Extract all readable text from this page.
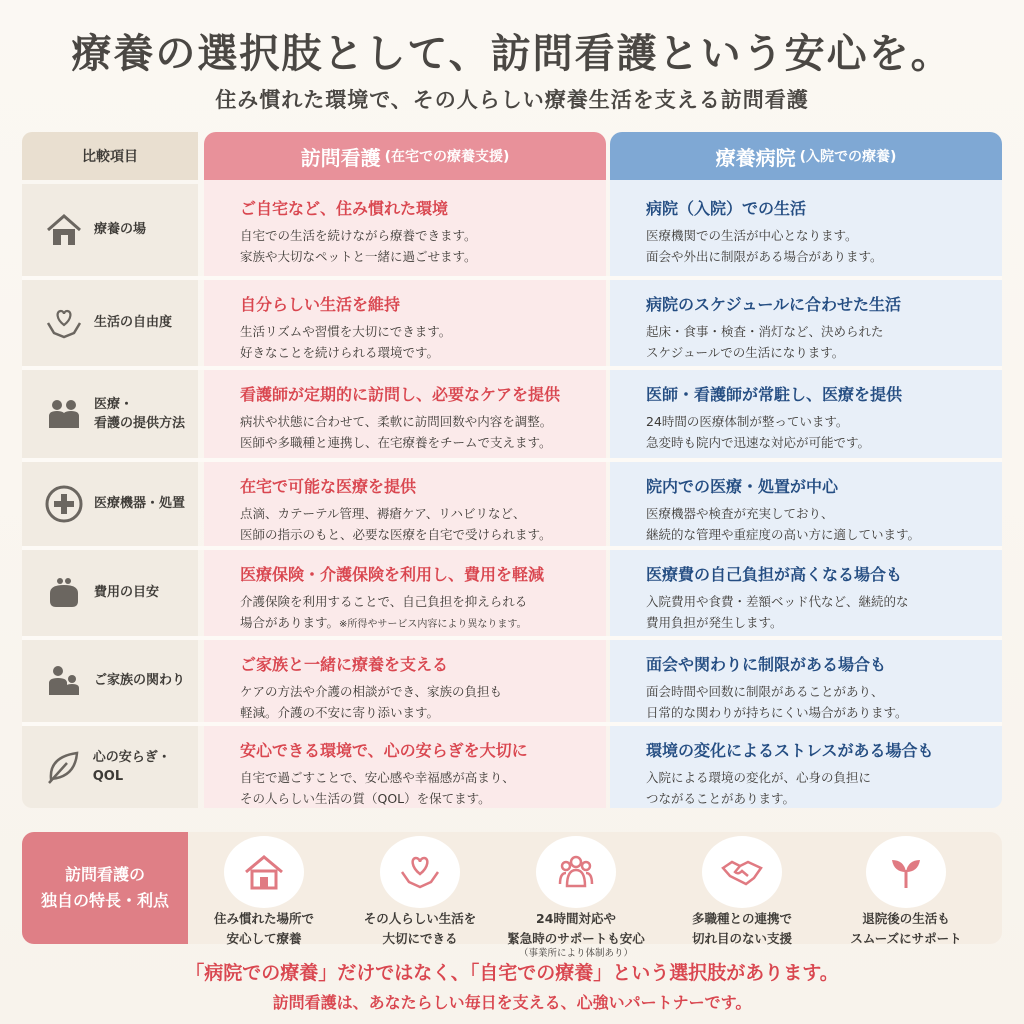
療養の選択肢として、訪問看護という安心を。
住み慣れた環境で、その人らしい療養生活を支える訪問看護
比較項目	訪問看護 (在宅での療養支援)	療養病院 (入院での療養)
療養の場
ご自宅など、住み慣れた環境
自宅での生活を続けながら療養できます。
家族や大切なペットと一緒に過ごせます。
病院（入院）での生活
医療機関での生活が中心となります。
面会や外出に制限がある場合があります。
生活の自由度
自分らしい生活を維持
生活リズムや習慣を大切にできます。
好きなことを続けられる環境です。
病院のスケジュールに合わせた生活
起床・食事・検査・消灯など、決められた
スケジュールでの生活になります。
医療・
看護の提供方法
看護師が定期的に訪問し、必要なケアを提供
病状や状態に合わせて、柔軟に訪問回数や内容を調整。
医師や多職種と連携し、在宅療養をチームで支えます。
医師・看護師が常駐し、医療を提供
24時間の医療体制が整っています。
急変時も院内で迅速な対応が可能です。
医療機器・処置
在宅で可能な医療を提供
点滴、カテーテル管理、褥瘡ケア、リハビリなど、
医師の指示のもと、必要な医療を自宅で受けられます。
院内での医療・処置が中心
医療機器や検査が充実しており、
継続的な管理や重症度の高い方に適しています。
費用の目安
医療保険・介護保険を利用し、費用を軽減
介護保険を利用することで、自己負担を抑えられる
場合があります。※所得やサービス内容により異なります。
医療費の自己負担が高くなる場合も
入院費用や食費・差額ベッド代など、継続的な
費用負担が発生します。
ご家族の関わり
ご家族と一緒に療養を支える
ケアの方法や介護の相談ができ、家族の負担も
軽減。介護の不安に寄り添います。
面会や関わりに制限がある場合も
面会時間や回数に制限があることがあり、
日常的な関わりが持ちにくい場合があります。
心の安らぎ・QOL
安心できる環境で、心の安らぎを大切に
自宅で過ごすことで、安心感や幸福感が高まり、
その人らしい生活の質（QOL）を保てます。
環境の変化によるストレスがある場合も
入院による環境の変化が、心身の負担に
つながることがあります。
訪問看護の
独自の特長・利点
住み慣れた場所で
安心して療養
その人らしい生活を
大切にできる
24時間対応や
緊急時のサポートも安心
（事業所により体制あり）
多職種との連携で
切れ目のない支援
退院後の生活も
スムーズにサポート
「病院での療養」だけではなく、「自宅での療養」という選択肢があります。
訪問看護は、あなたらしい毎日を支える、心強いパートナーです。
